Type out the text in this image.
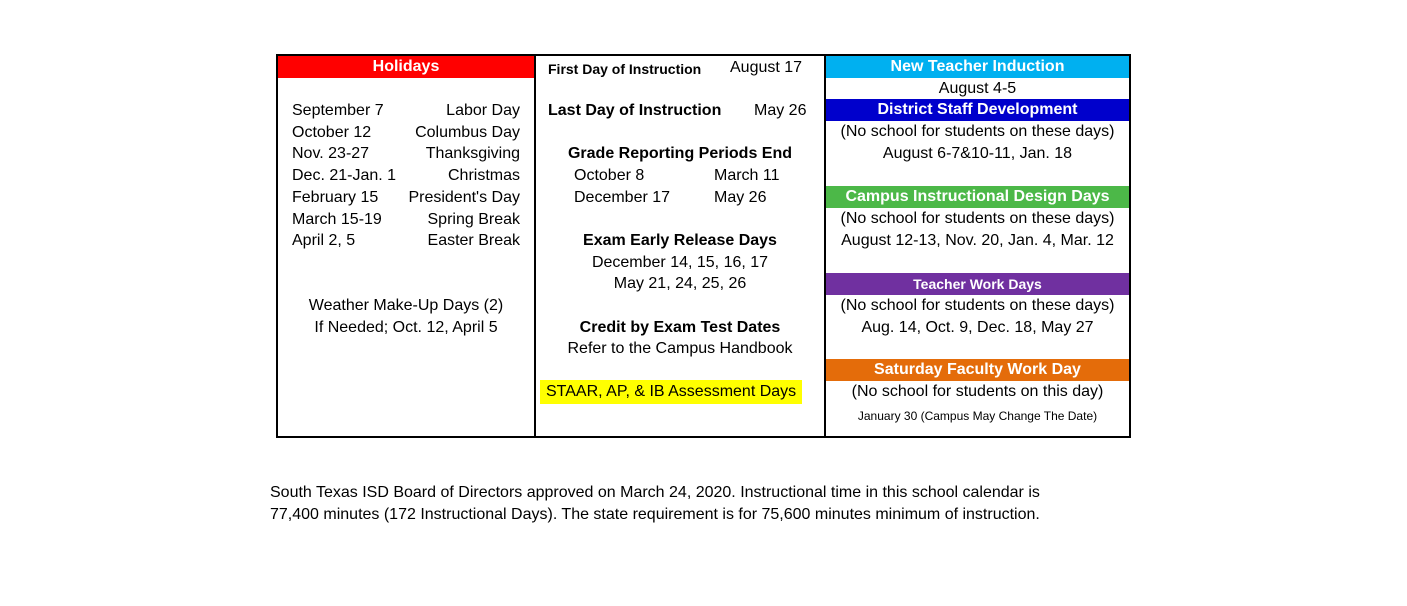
Holidays
September 7	Labor Day
October 12	Columbus Day
Nov. 23-27	Thanksgiving
Dec. 21-Jan. 1	Christmas
February 15 President's Day
March 15-19	Spring Break
April 2, 5	Easter Break
Weather Make-Up Days (2)
If Needed; Oct. 12, April 5
First Day of Instruction August 17
Last Day of Instruction May 26
Grade Reporting Periods End
October 8	March 11
December 17	May 26
Exam Early Release Days
December 14, 15, 16, 17
May 21, 24, 25, 26
Credit by Exam Test Dates
Refer to the Campus Handbook
STAAR, AP, & IB Assessment Days
New Teacher Induction
August 4-5
District Staff Development
(No school for students on these days)
August 6-7&10-11, Jan. 18
Campus Instructional Design Days
(No school for students on these days)
August 12-13, Nov. 20, Jan. 4, Mar. 12
Teacher Work Days
(No school for students on these days)
Aug. 14, Oct. 9, Dec. 18, May 27
Saturday Faculty Work Day
(No school for students on this day)
January 30 (Campus May Change The Date)
South Texas ISD Board of Directors approved on March 24, 2020. Instructional time in this school calendar is
77,400 minutes (172 Instructional Days). The state requirement is for 75,600 minutes minimum of instruction.
